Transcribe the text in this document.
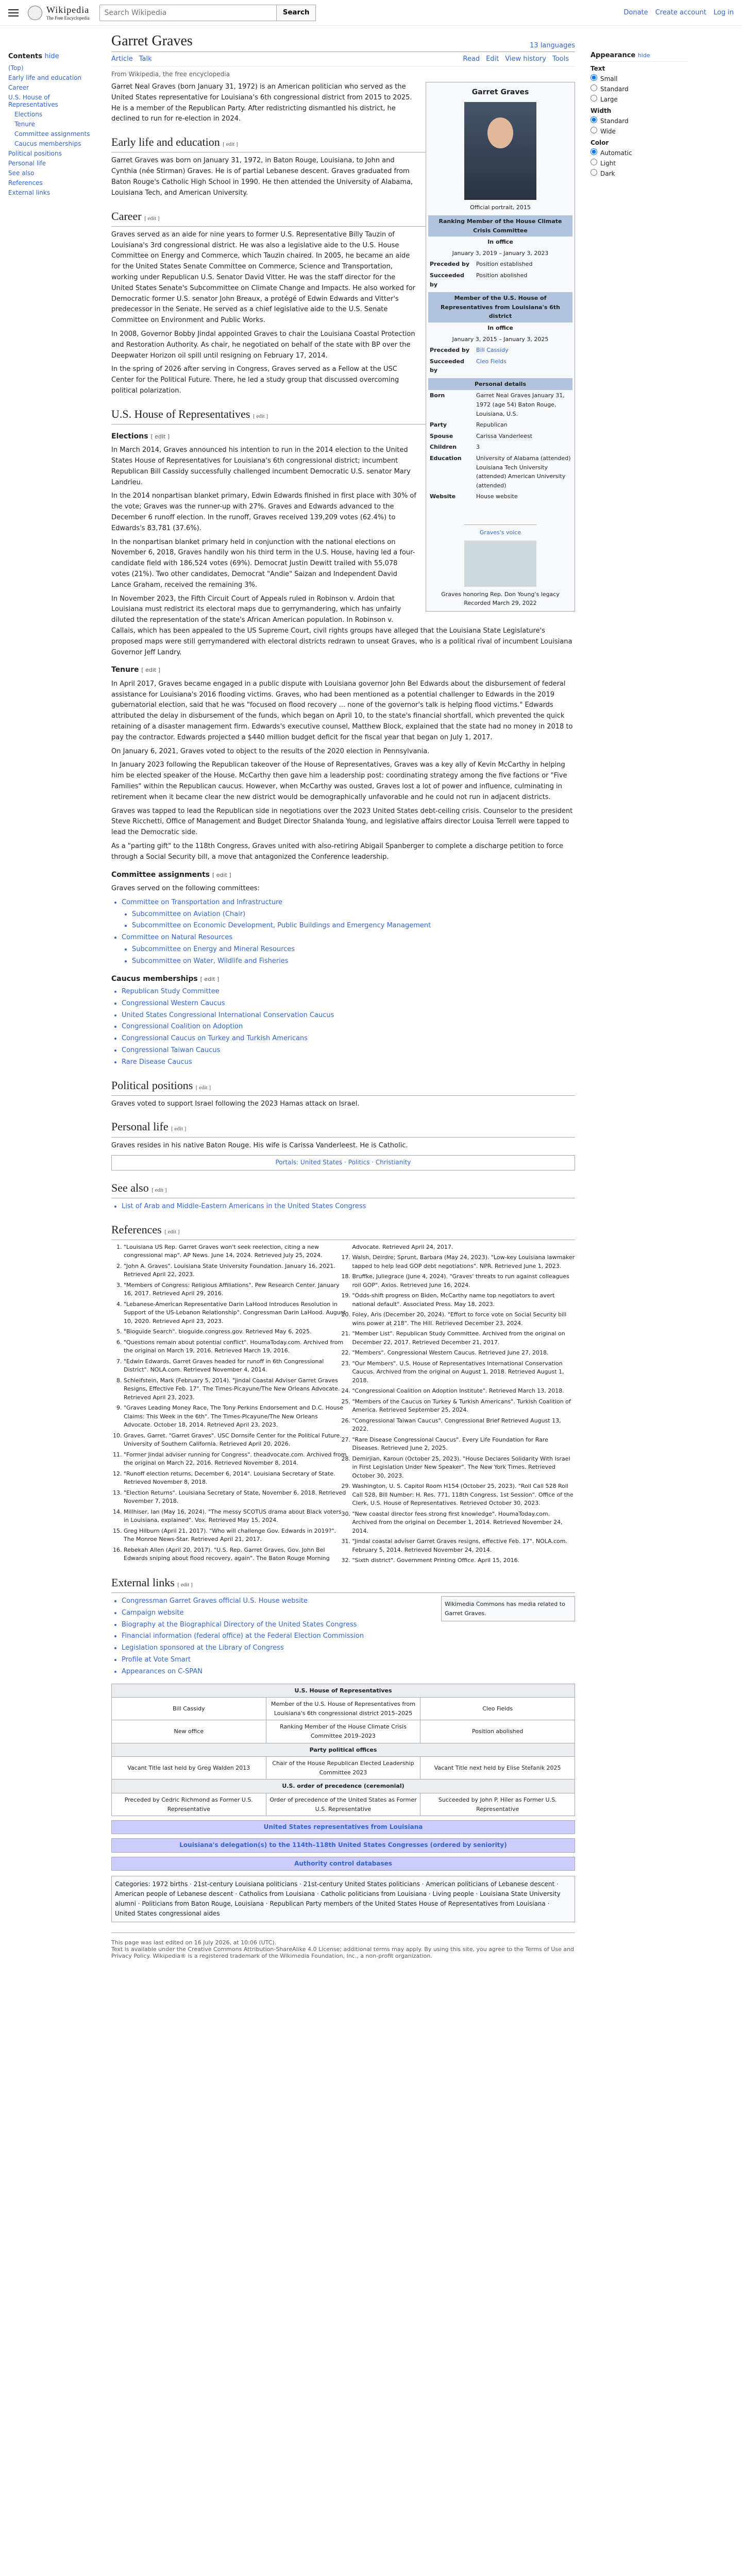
Wikipedia
The Free Encyclopedia
Search Wikipedia
Search	Donate Create account Log in
Contents hide
(Top)
Early life and education
Career
U.S. House of Representatives
Elections
Tenure
Committee assignments
Caucus memberships
Political positions
Personal life
See also
References
External links
Garret Graves	13 languages
Article Talk	Read Edit View history Tools
From Wikipedia, the free encyclopedia
Garret Graves
Official portrait, 2015
Ranking Member of the House Climate Crisis Committee
In office
January 3, 2019 – January 3, 2023
Preceded by	Position established
Succeeded by	Position abolished
Member of the U.S. House of Representatives from Louisiana's 6th district
In office
January 3, 2015 – January 3, 2025
Preceded by	Bill Cassidy
Succeeded by	Cleo Fields
Personal details
Born	Garret Neal Graves January 31, 1972 (age 54) Baton Rouge, Louisiana, U.S.
Party	Republican
Spouse	Carissa Vanderleest
Children	3
Education	University of Alabama (attended) Louisiana Tech University (attended) American University (attended)
Website	House website
Graves's voice
Graves honoring Rep. Don Young's legacy Recorded March 29, 2022

Garret Neal Graves (born January 31, 1972) is an American politician who served as the United States representative for Louisiana's 6th congressional district from 2015 to 2025. He is a member of the Republican Party. After redistricting dismantled his district, he declined to run for re-election in 2024.

Early life and education [ edit ]

Garret Graves was born on January 31, 1972, in Baton Rouge, Louisiana, to John and Cynthia (née Stirman) Graves. He is of partial Lebanese descent. Graves graduated from Baton Rouge's Catholic High School in 1990. He then attended the University of Alabama, Louisiana Tech, and American University.

Career [ edit ]

Graves served as an aide for nine years to former U.S. Representative Billy Tauzin of Louisiana's 3rd congressional district. He was also a legislative aide to the U.S. House Committee on Energy and Commerce, which Tauzin chaired. In 2005, he became an aide for the United States Senate Committee on Commerce, Science and Transportation, working under Republican U.S. Senator David Vitter. He was the staff director for the United States Senate's Subcommittee on Climate Change and Impacts. He also worked for Democratic former U.S. senator John Breaux, a protégé of Edwin Edwards and Vitter's predecessor in the Senate. He served as a chief legislative aide to the U.S. Senate Committee on Environment and Public Works.

In 2008, Governor Bobby Jindal appointed Graves to chair the Louisiana Coastal Protection and Restoration Authority. As chair, he negotiated on behalf of the state with BP over the Deepwater Horizon oil spill until resigning on February 17, 2014.

In the spring of 2026 after serving in Congress, Graves served as a Fellow at the USC Center for the Political Future. There, he led a study group that discussed overcoming political polarization.

U.S. House of Representatives [ edit ]
Elections [ edit ]

In March 2014, Graves announced his intention to run in the 2014 election to the United States House of Representatives for Louisiana's 6th congressional district; incumbent Republican Bill Cassidy successfully challenged incumbent Democratic U.S. senator Mary Landrieu.

In the 2014 nonpartisan blanket primary, Edwin Edwards finished in first place with 30% of the vote; Graves was the runner-up with 27%. Graves and Edwards advanced to the December 6 runoff election. In the runoff, Graves received 139,209 votes (62.4%) to Edwards's 83,781 (37.6%).

In the nonpartisan blanket primary held in conjunction with the national elections on November 6, 2018, Graves handily won his third term in the U.S. House, having led a four-candidate field with 186,524 votes (69%). Democrat Justin Dewitt trailed with 55,078 votes (21%). Two other candidates, Democrat "Andie" Saizan and Independent David Lance Graham, received the remaining 3%.

In November 2023, the Fifth Circuit Court of Appeals ruled in Robinson v. Ardoin that Louisiana must redistrict its electoral maps due to gerrymandering, which has unfairly diluted the representation of the state's African American population. In Robinson v. Callais, which has been appealed to the US Supreme Court, civil rights groups have alleged that the Louisiana State Legislature's proposed maps were still gerrymandered with electoral districts redrawn to unseat Graves, who is a political rival of incumbent Louisiana Governor Jeff Landry.

Tenure [ edit ]

In April 2017, Graves became engaged in a public dispute with Louisiana governor John Bel Edwards about the disbursement of federal assistance for Louisiana's 2016 flooding victims. Graves, who had been mentioned as a potential challenger to Edwards in the 2019 gubernatorial election, said that he was "focused on flood recovery ... none of the governor's talk is helping flood victims." Edwards attributed the delay in disbursement of the funds, which began on April 10, to the state's financial shortfall, which prevented the quick retaining of a disaster management firm. Edwards's executive counsel, Matthew Block, explained that the state had no money in 2018 to pay the contractor. Edwards projected a $440 million budget deficit for the fiscal year that began on July 1, 2017.

On January 6, 2021, Graves voted to object to the results of the 2020 election in Pennsylvania.

In January 2023 following the Republican takeover of the House of Representatives, Graves was a key ally of Kevin McCarthy in helping him be elected speaker of the House. McCarthy then gave him a leadership post: coordinating strategy among the five factions or "Five Families" within the Republican caucus. However, when McCarthy was ousted, Graves lost a lot of power and influence, culminating in retirement when it became clear the new district would be demographically unfavorable and he could not run in adjacent districts.

Graves was tapped to lead the Republican side in negotiations over the 2023 United States debt-ceiling crisis. Counselor to the president Steve Ricchetti, Office of Management and Budget Director Shalanda Young, and legislative affairs director Louisa Terrell were tapped to lead the Democratic side.

As a "parting gift" to the 118th Congress, Graves united with also-retiring Abigail Spanberger to complete a discharge petition to force through a Social Security bill, a move that antagonized the Conference leadership.

Committee assignments [ edit ]

Graves served on the following committees:

• Committee on Transportation and Infrastructure
• Subcommittee on Aviation (Chair)
• Subcommittee on Economic Development, Public Buildings and Emergency Management
• Committee on Natural Resources
• Subcommittee on Energy and Mineral Resources
• Subcommittee on Water, Wildlife and Fisheries
Caucus memberships [ edit ]
• Republican Study Committee
• Congressional Western Caucus
• United States Congressional International Conservation Caucus
• Congressional Coalition on Adoption
• Congressional Caucus on Turkey and Turkish Americans
• Congressional Taiwan Caucus
• Rare Disease Caucus
Political positions [ edit ]

Graves voted to support Israel following the 2023 Hamas attack on Israel.

Personal life [ edit ]

Graves resides in his native Baton Rouge. His wife is Carissa Vanderleest. He is Catholic.

Portals: United States · Politics · Christianity
See also [ edit ]
• List of Arab and Middle-Eastern Americans in the United States Congress
References [ edit ]
1. "Louisiana US Rep. Garret Graves won't seek reelection, citing a new congressional map". AP News. June 14, 2024. Retrieved July 25, 2024.
2. "John A. Graves". Louisiana State University Foundation. January 16, 2021. Retrieved April 22, 2023.
3. "Members of Congress: Religious Affiliations". Pew Research Center. January 16, 2017. Retrieved April 29, 2016.
4. "Lebanese-American Representative Darin LaHood Introduces Resolution in Support of the US-Lebanon Relationship". Congressman Darin LaHood. August 10, 2020. Retrieved April 23, 2023.
5. "Bioguide Search". bioguide.congress.gov. Retrieved May 6, 2025.
6. "Questions remain about potential conflict". HoumaToday.com. Archived from the original on March 19, 2016. Retrieved March 19, 2016.
7. "Edwin Edwards, Garret Graves headed for runoff in 6th Congressional District". NOLA.com. Retrieved November 4, 2014.
8. Schleifstein, Mark (February 5, 2014). "Jindal Coastal Adviser Garret Graves Resigns, Effective Feb. 17". The Times-Picayune/The New Orleans Advocate. Retrieved April 23, 2023.
9. "Graves Leading Money Race, The Tony Perkins Endorsement and D.C. House Claims: This Week in the 6th". The Times-Picayune/The New Orleans Advocate. October 18, 2014. Retrieved April 23, 2023.
10. Graves, Garret. "Garret Graves". USC Dornsife Center for the Political Future. University of Southern California. Retrieved April 20, 2026.
11. "Former Jindal adviser running for Congress". theadvocate.com. Archived from the original on March 22, 2016. Retrieved November 8, 2014.
12. "Runoff election returns, December 6, 2014". Louisiana Secretary of State. Retrieved November 8, 2018.
13. "Election Returns". Louisiana Secretary of State, November 6, 2018. Retrieved November 7, 2018.
14. Millhiser, Ian (May 16, 2024). "The messy SCOTUS drama about Black voters in Louisiana, explained". Vox. Retrieved May 15, 2024.
15. Greg Hilburn (April 21, 2017). "Who will challenge Gov. Edwards in 2019?". The Monroe News-Star. Retrieved April 21, 2017.
16. Rebekah Allen (April 20, 2017). "U.S. Rep. Garret Graves, Gov. John Bel Edwards sniping about flood recovery, again". The Baton Rouge Morning Advocate. Retrieved April 24, 2017.
17. Walsh, Deirdre; Sprunt, Barbara (May 24, 2023). "Low-key Louisiana lawmaker tapped to help lead GOP debt negotiations". NPR. Retrieved June 1, 2023.
18. Bruffke, Juliegrace (June 4, 2024). "Graves' threats to run against colleagues roil GOP". Axios. Retrieved June 16, 2024.
19. "Odds-shift progress on Biden, McCarthy name top negotiators to avert national default". Associated Press. May 18, 2023.
20. Foley, Aris (December 20, 2024). "Effort to force vote on Social Security bill wins power at 218". The Hill. Retrieved December 23, 2024.
21. "Member List". Republican Study Committee. Archived from the original on December 22, 2017. Retrieved December 21, 2017.
22. "Members". Congressional Western Caucus. Retrieved June 27, 2018.
23. "Our Members". U.S. House of Representatives International Conservation Caucus. Archived from the original on August 1, 2018. Retrieved August 1, 2018.
24. "Congressional Coalition on Adoption Institute". Retrieved March 13, 2018.
25. "Members of the Caucus on Turkey & Turkish Americans". Turkish Coalition of America. Retrieved September 25, 2024.
26. "Congressional Taiwan Caucus". Congressional Brief Retrieved August 13, 2022.
27. "Rare Disease Congressional Caucus". Every Life Foundation for Rare Diseases. Retrieved June 2, 2025.
28. Demirjian, Karoun (October 25, 2023). "House Declares Solidarity With Israel in First Legislation Under New Speaker". The New York Times. Retrieved October 30, 2023.
29. Washington, U. S. Capitol Room H154 (October 25, 2023). "Roll Call 528 Roll Call 528, Bill Number: H. Res. 771, 118th Congress, 1st Session". Office of the Clerk, U.S. House of Representatives. Retrieved October 30, 2023.
30. "New coastal director fees strong first knowledge". HoumaToday.com. Archived from the original on December 1, 2014. Retrieved November 24, 2014.
31. "Jindal coastal adviser Garret Graves resigns, effective Feb. 17". NOLA.com. February 5, 2014. Retrieved November 24, 2014.
32. "Sixth district". Government Printing Office. April 15, 2016.
External links [ edit ]
Wikimedia Commons has media related to Garret Graves.
• Congressman Garret Graves official U.S. House website
• Campaign website
• Biography at the Biographical Directory of the United States Congress
• Financial information (federal office) at the Federal Election Commission
• Legislation sponsored at the Library of Congress
• Profile at Vote Smart
• Appearances on C-SPAN
U.S. House of Representatives		
Bill Cassidy	Member of the U.S. House of Representatives from Louisiana's 6th congressional district 2015–2025	Cleo Fields
New office	Ranking Member of the House Climate Crisis Committee 2019–2023	Position abolished
Party political offices		
Vacant Title last held by Greg Walden 2013	Chair of the House Republican Elected Leadership Committee 2023	Vacant Title next held by Elise Stefanik 2025
U.S. order of precedence (ceremonial)		
Preceded by Cedric Richmond as Former U.S. Representative	Order of precedence of the United States as Former U.S. Representative	Succeeded by John P. Hiler as Former U.S. Representative
United States representatives from Louisiana
Louisiana's delegation(s) to the 114th–118th United States Congresses (ordered by seniority)
Authority control databases
Categories: 1972 births · 21st-century Louisiana politicians · 21st-century United States politicians · American politicians of Lebanese descent · American people of Lebanese descent · Catholics from Louisiana · Catholic politicians from Louisiana · Living people · Louisiana State University alumni · Politicians from Baton Rouge, Louisiana · Republican Party members of the United States House of Representatives from Louisiana · United States congressional aides

This page was last edited on 16 July 2026, at 10:06 (UTC).

Text is available under the Creative Commons Attribution-ShareAlike 4.0 License; additional terms may apply. By using this site, you agree to the Terms of Use and Privacy Policy. Wikipedia® is a registered trademark of the Wikimedia Foundation, Inc., a non-profit organization.

Appearance hide
Text
Small
Standard
Large
Width
Standard
Wide
Color
Automatic
Light
Dark
